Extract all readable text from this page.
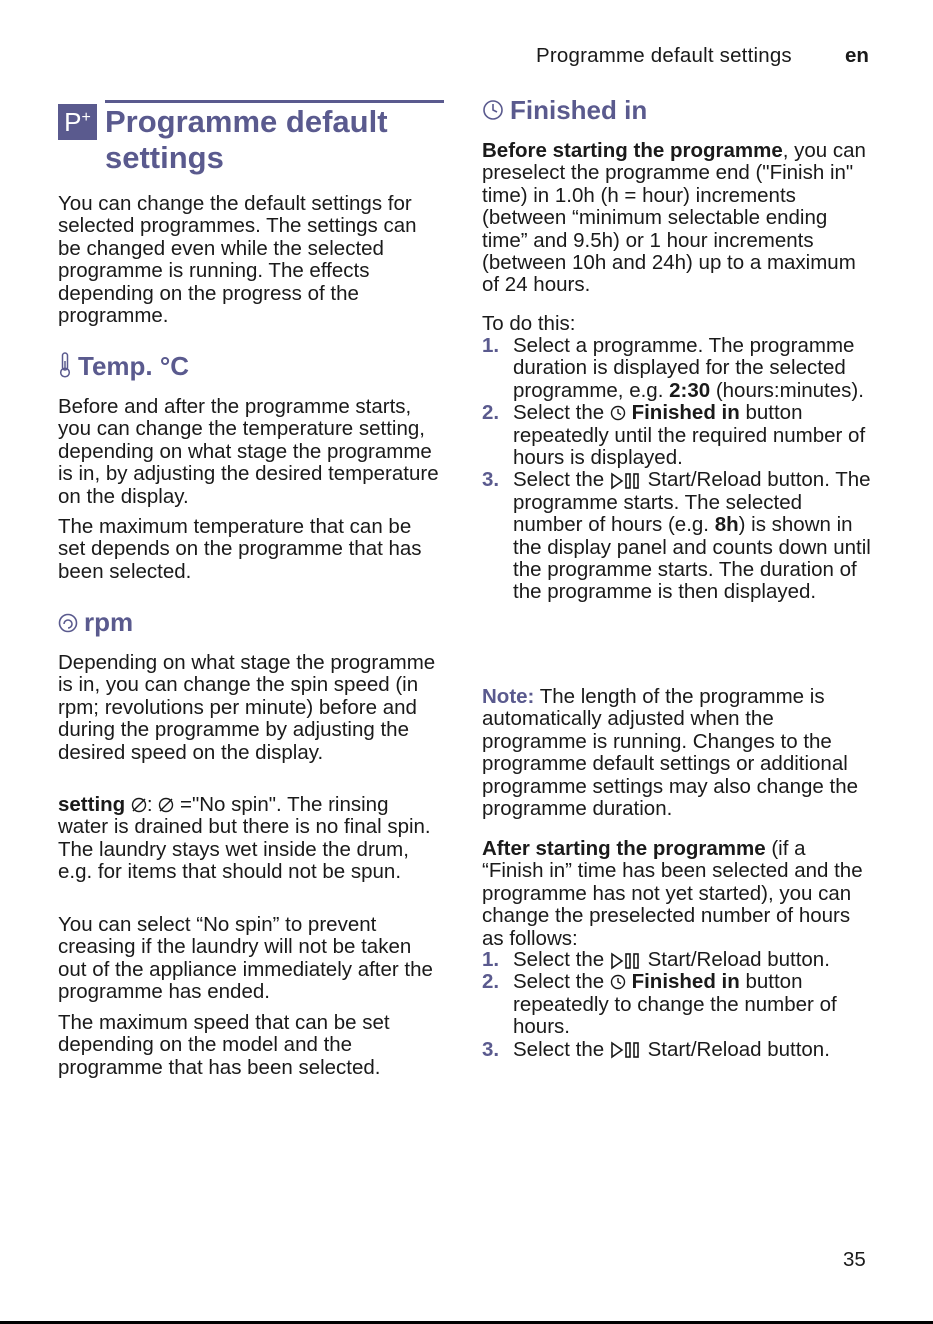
Programme default settings	en
P+ Programme default settings
You can change the default settings for selected programmes. The settings can be changed even while the selected programme is running. The effects depending on the progress of the programme.
Temp. °C
Before and after the programme starts, you can change the temperature setting, depending on what stage the programme is in, by adjusting the desired temperature on the display.
The maximum temperature that can be set depends on the programme that has been selected.
rpm
Depending on what stage the programme is in, you can change the spin speed (in rpm; revolutions per minute) before and during the programme by adjusting the desired speed on the display.
setting :  ="No spin". The rinsing water is drained but there is no final spin. The laundry stays wet inside the drum, e.g. for items that should not be spun.
You can select “No spin” to prevent creasing if the laundry will not be taken out of the appliance immediately after the programme has ended.
The maximum speed that can be set depending on the model and the programme that has been selected.
Finished in
Before starting the programme, you can preselect the programme end ("Finish in" time) in 1.0h (h = hour) increments (between “minimum selectable ending time” and 9.5h) or 1 hour increments (between 10h and 24h) up to a maximum of 24 hours.
To do this:
1. Select a programme. The programme duration is displayed for the selected programme, e.g. 2:30 (hours:minutes).
2. Select the  Finished in button repeatedly until the required number of hours is displayed.
3. Select the
Start/Reload button. The programme starts. The selected number of hours (e.g. 8h) is shown in the display panel and counts down until the programme starts. The duration of the programme is then displayed.
Note: The length of the programme is automatically adjusted when the programme is running. Changes to the programme default settings or additional programme settings may also change the programme duration.
After starting the programme (if a “Finish in” time has been selected and the programme has not yet started), you can change the preselected number of hours as follows:
1. Select the
Start/Reload button.
2. Select the  Finished in button repeatedly to change the number of hours.
3. Select the
Start/Reload button.
35
